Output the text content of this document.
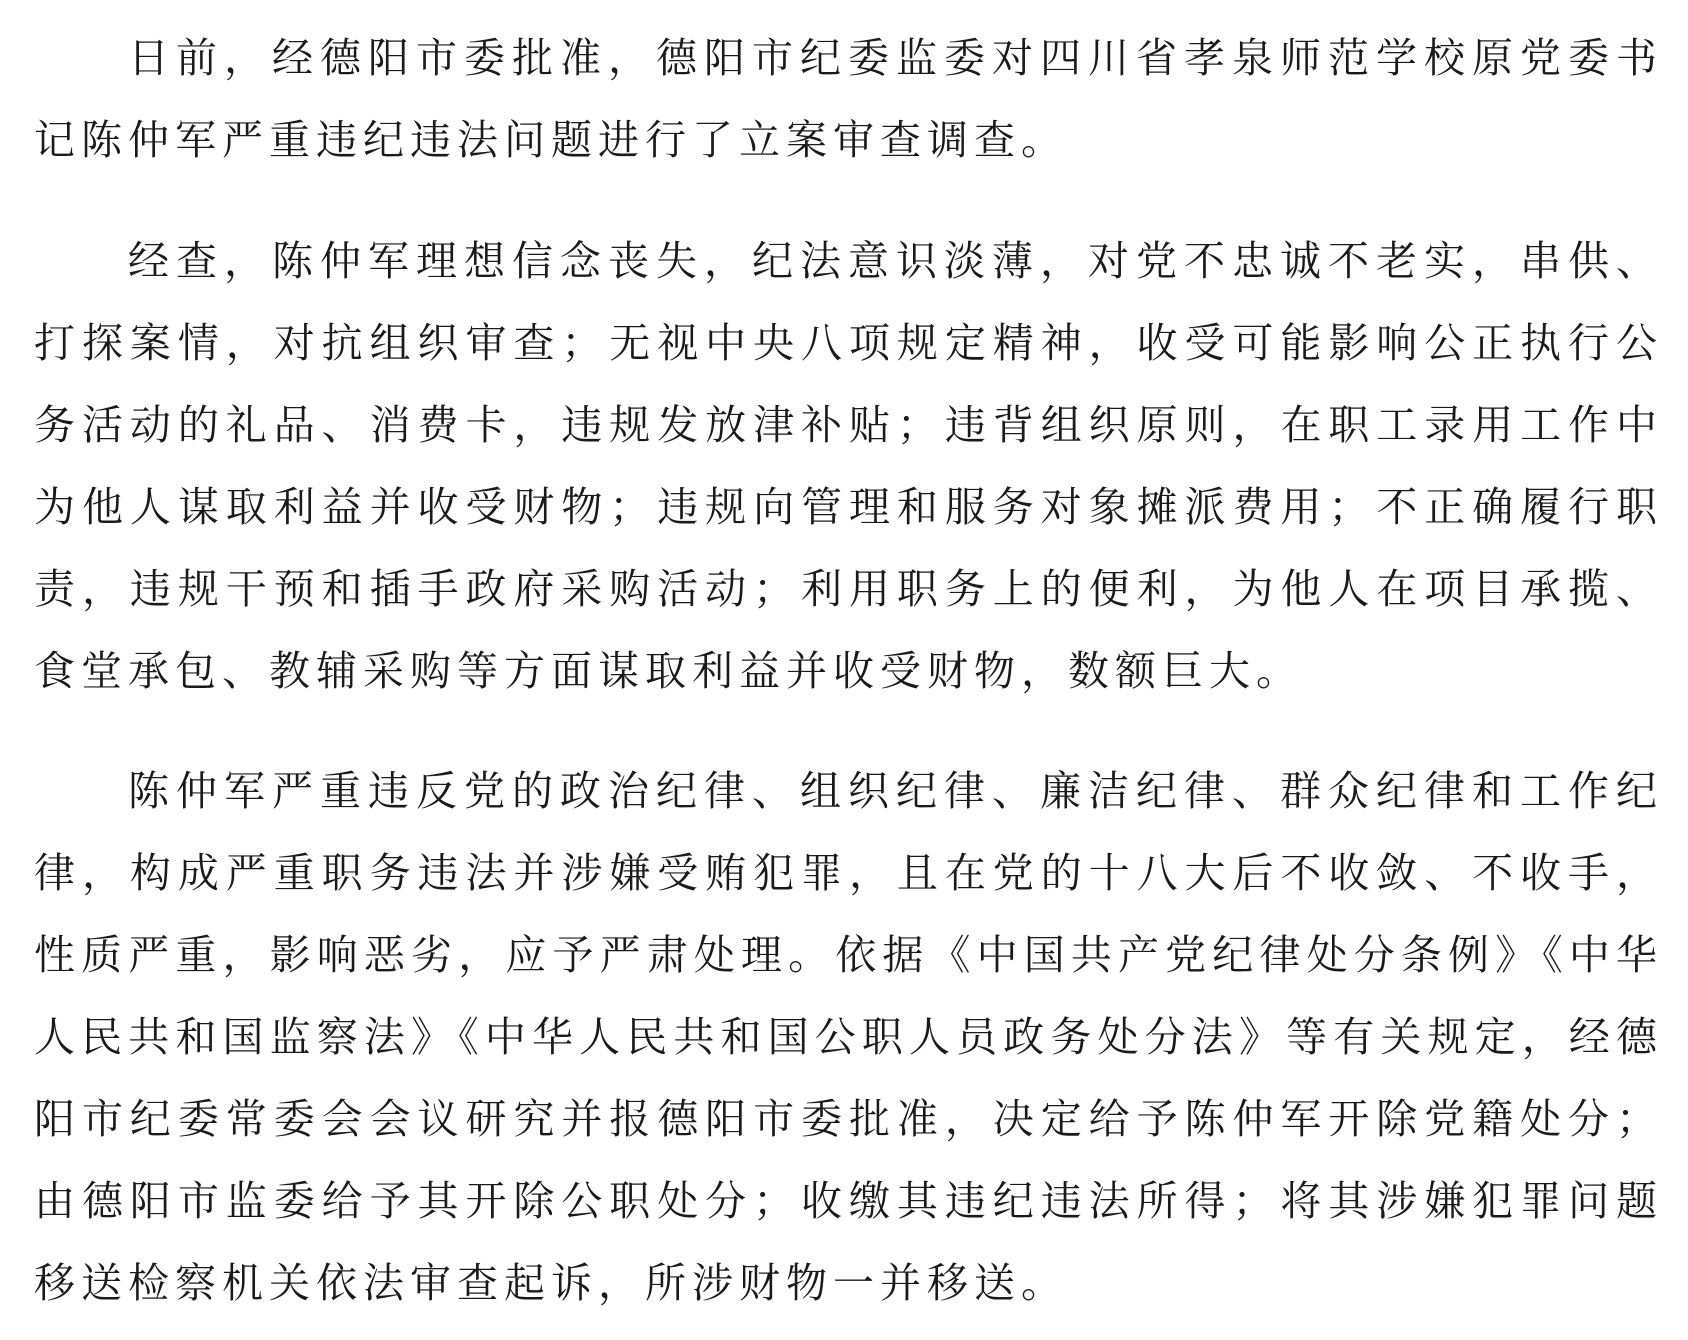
日前，经德阳市委批准，德阳市纪委监委对四川省孝泉师范学校原党委书记陈仲军严重违纪违法问题进行了立案审查调查。

经查，陈仲军理想信念丧失，纪法意识淡薄，对党不忠诚不老实，串供、打探案情，对抗组织审查；无视中央八项规定精神，收受可能影响公正执行公务活动的礼品、消费卡，违规发放津补贴；违背组织原则，在职工录用工作中为他人谋取利益并收受财物；违规向管理和服务对象摊派费用；不正确履行职责，违规干预和插手政府采购活动；利用职务上的便利，为他人在项目承揽、食堂承包、教辅采购等方面谋取利益并收受财物，数额巨大。

陈仲军严重违反党的政治纪律、组织纪律、廉洁纪律、群众纪律和工作纪律，构成严重职务违法并涉嫌受贿犯罪，且在党的十八大后不收敛、不收手，性质严重，影响恶劣，应予严肃处理。依据《中国共产党纪律处分条例》《中华人民共和国监察法》《中华人民共和国公职人员政务处分法》等有关规定，经德阳市纪委常委会会议研究并报德阳市委批准，决定给予陈仲军开除党籍处分；由德阳市监委给予其开除公职处分；收缴其违纪违法所得；将其涉嫌犯罪问题移送检察机关依法审查起诉，所涉财物一并移送。
